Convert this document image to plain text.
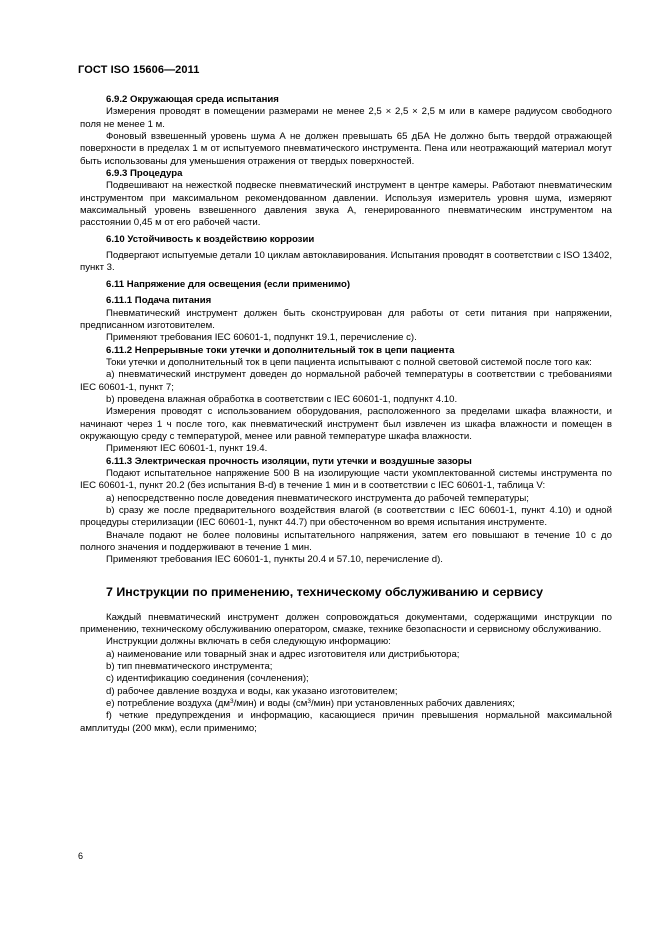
ГОСТ ISO 15606—2011
6.9.2 Окружающая среда испытания

Измерения проводят в помещении размерами не менее 2,5 × 2,5 × 2,5 м или в камере радиусом свободного поля не менее 1 м.

Фоновый взвешенный уровень шума А не должен превышать 65 дБА Не должно быть твердой отражающей поверхности в пределах 1 м от испытуемого пневматического инструмента. Пена или неотражающий материал могут быть использованы для уменьшения отражения от твердых поверхностей.

6.9.3 Процедура

Подвешивают на нежесткой подвеске пневматический инструмент в центре камеры. Работают пневматическим инструментом при максимальном рекомендованном давлении. Используя измеритель уровня шума, измеряют максимальный уровень взвешенного давления звука А, генерированного пневматическим инструментом на расстоянии 0,45 м от его рабочей части.

6.10 Устойчивость к воздействию коррозии

Подвергают испытуемые детали 10 циклам автоклавирования. Испытания проводят в соответствии с ISO 13402, пункт 3.

6.11 Напряжение для освещения (если применимо)
6.11.1 Подача питания

Пневматический инструмент должен быть сконструирован для работы от сети питания при напряжении, предписанном изготовителем.

Применяют требования IEC 60601-1, подпункт 19.1, перечисление с).

6.11.2 Непрерывные токи утечки и дополнительный ток в цепи пациента

Токи утечки и дополнительный ток в цепи пациента испытывают с полной световой системой после того как:

а) пневматический инструмент доведен до нормальной рабочей температуры в соответствии с требованиями IEC 60601-1, пункт 7;

b) проведена влажная обработка в соответствии с IEC 60601-1, подпункт 4.10.

Измерения проводят с использованием оборудования, расположенного за пределами шкафа влажности, и начинают через 1 ч после того, как пневматический инструмент был извлечен из шкафа влажности и помещен в окружающую среду с температурой, менее или равной температуре шкафа влажности.

Применяют IEC 60601-1, пункт 19.4.

6.11.3 Электрическая прочность изоляции, пути утечки и воздушные зазоры

Подают испытательное напряжение 500 В на изолирующие части укомплектованной системы инструмента по IEC 60601-1, пункт 20.2 (без испытания B-d) в течение 1 мин и в соответствии с IEC 60601-1, таблица V:

а) непосредственно после доведения пневматического инструмента до рабочей температуры;

b) сразу же после предварительного воздействия влагой (в соответствии с IEC 60601-1, пункт 4.10) и одной процедуры стерилизации (IEC 60601-1, пункт 44.7) при обесточенном во время испытания инструменте.

Вначале подают не более половины испытательного напряжения, затем его повышают в течение 10 с до полного значения и поддерживают в течение 1 мин.

Применяют требования IEC 60601-1, пункты 20.4 и 57.10, перечисление d).

7 Инструкции по применению, техническому обслуживанию и сервису

Каждый пневматический инструмент должен сопровождаться документами, содержащими инструкции по применению, техническому обслуживанию оператором, смазке, технике безопасности и сервисному обслуживанию.

Инструкции должны включать в себя следующую информацию:

а) наименование или товарный знак и адрес изготовителя или дистрибьютора;

b) тип пневматического инструмента;

с) идентификацию соединения (сочленения);

d) рабочее давление воздуха и воды, как указано изготовителем;

е) потребление воздуха $(дм^3/мин)$ и воды $(см^3/мин)$ при установленных рабочих давлениях;

f) четкие предупреждения и информацию, касающиеся причин превышения нормальной максимальной амплитуды (200 мкм), если применимо;

6
